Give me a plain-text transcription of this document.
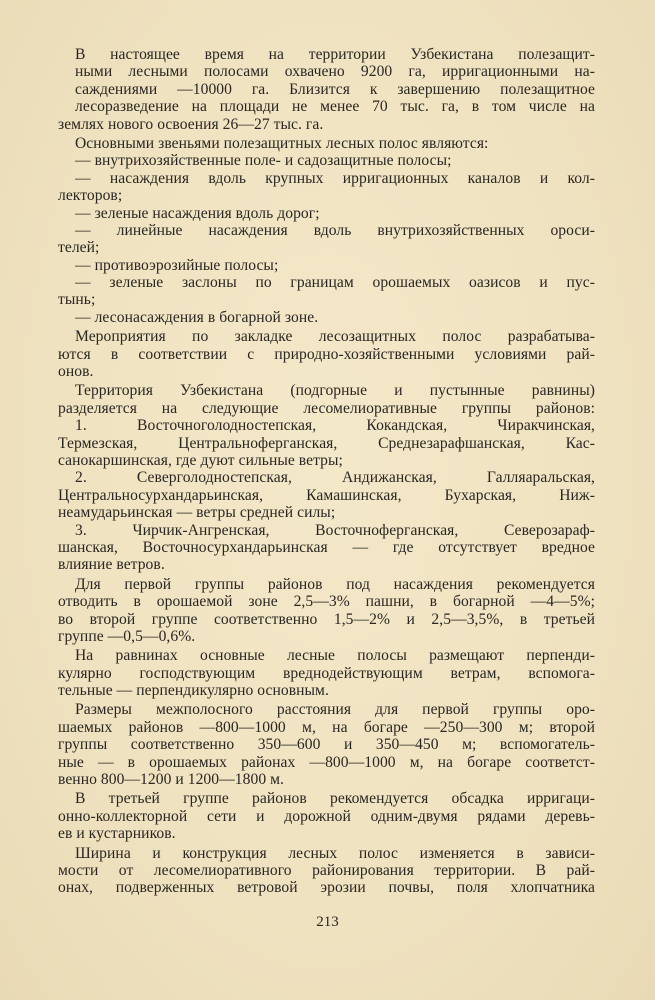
В настоящее время на территории Узбекистана полезащит-

ными лесными полосами охвачено 9200 га, ирригационными на-

саждениями —10000 га. Близится к завершению полезащитное

лесоразведение на площади не менее 70 тыс. га, в том числе на

землях нового освоения 26—27 тыс. га.

Основными звеньями полезащитных лесных полос являются:

— внутрихозяйственные поле- и садозащитные полосы;

— насаждения вдоль крупных ирригационных каналов и кол-

лекторов;

— зеленые насаждения вдоль дорог;

— линейные насаждения вдоль внутрихозяйственных ороси-

телей;

— противоэрозийные полосы;

— зеленые заслоны по границам орошаемых оазисов и пус-

тынь;

— лесонасаждения в богарной зоне.

Мероприятия по закладке лесозащитных полос разрабатыва-

ются в соответствии с природно-хозяйственными условиями рай-

онов.

Территория Узбекистана (подгорные и пустынные равнины)

разделяется на следующие лесомелиоративные группы районов:

1. Восточноголодностепская, Кокандская, Чиракчинская,

Термезская, Центральноферганская, Среднезарафшанская, Кас-

санокаршинская, где дуют сильные ветры;

2. Северголодностепская, Андижанская, Галляаральская,

Центральносурхандарьинская, Камашинская, Бухарская, Ниж-

неамударьинская — ветры средней силы;

3. Чирчик-Ангренская, Восточноферганская, Северозараф-

шанская, Восточносурхандарьинская — где отсутствует вредное

влияние ветров.

Для первой группы районов под насаждения рекомендуется

отводить в орошаемой зоне 2,5—3% пашни, в богарной —4—5%;

во второй группе соответственно 1,5—2% и 2,5—3,5%, в третьей

группе —0,5—0,6%.

На равнинах основные лесные полосы размещают перпенди-

кулярно господствующим вреднодействующим ветрам, вспомога-

тельные — перпендикулярно основным.

Размеры межполосного расстояния для первой группы оро-

шаемых районов —800—1000 м, на богаре —250—300 м; второй

группы соответственно 350—600 и 350—450 м; вспомогатель-

ные — в орошаемых районах —800—1000 м, на богаре соответст-

венно 800—1200 и 1200—1800 м.

В третьей группе районов рекомендуется обсадка ирригаци-

онно-коллекторной сети и дорожной одним-двумя рядами деревь-

ев и кустарников.

Ширина и конструкция лесных полос изменяется в зависи-

мости от лесомелиоративного районирования территории. В рай-

онах, подверженных ветровой эрозии почвы, поля хлопчатника

213
